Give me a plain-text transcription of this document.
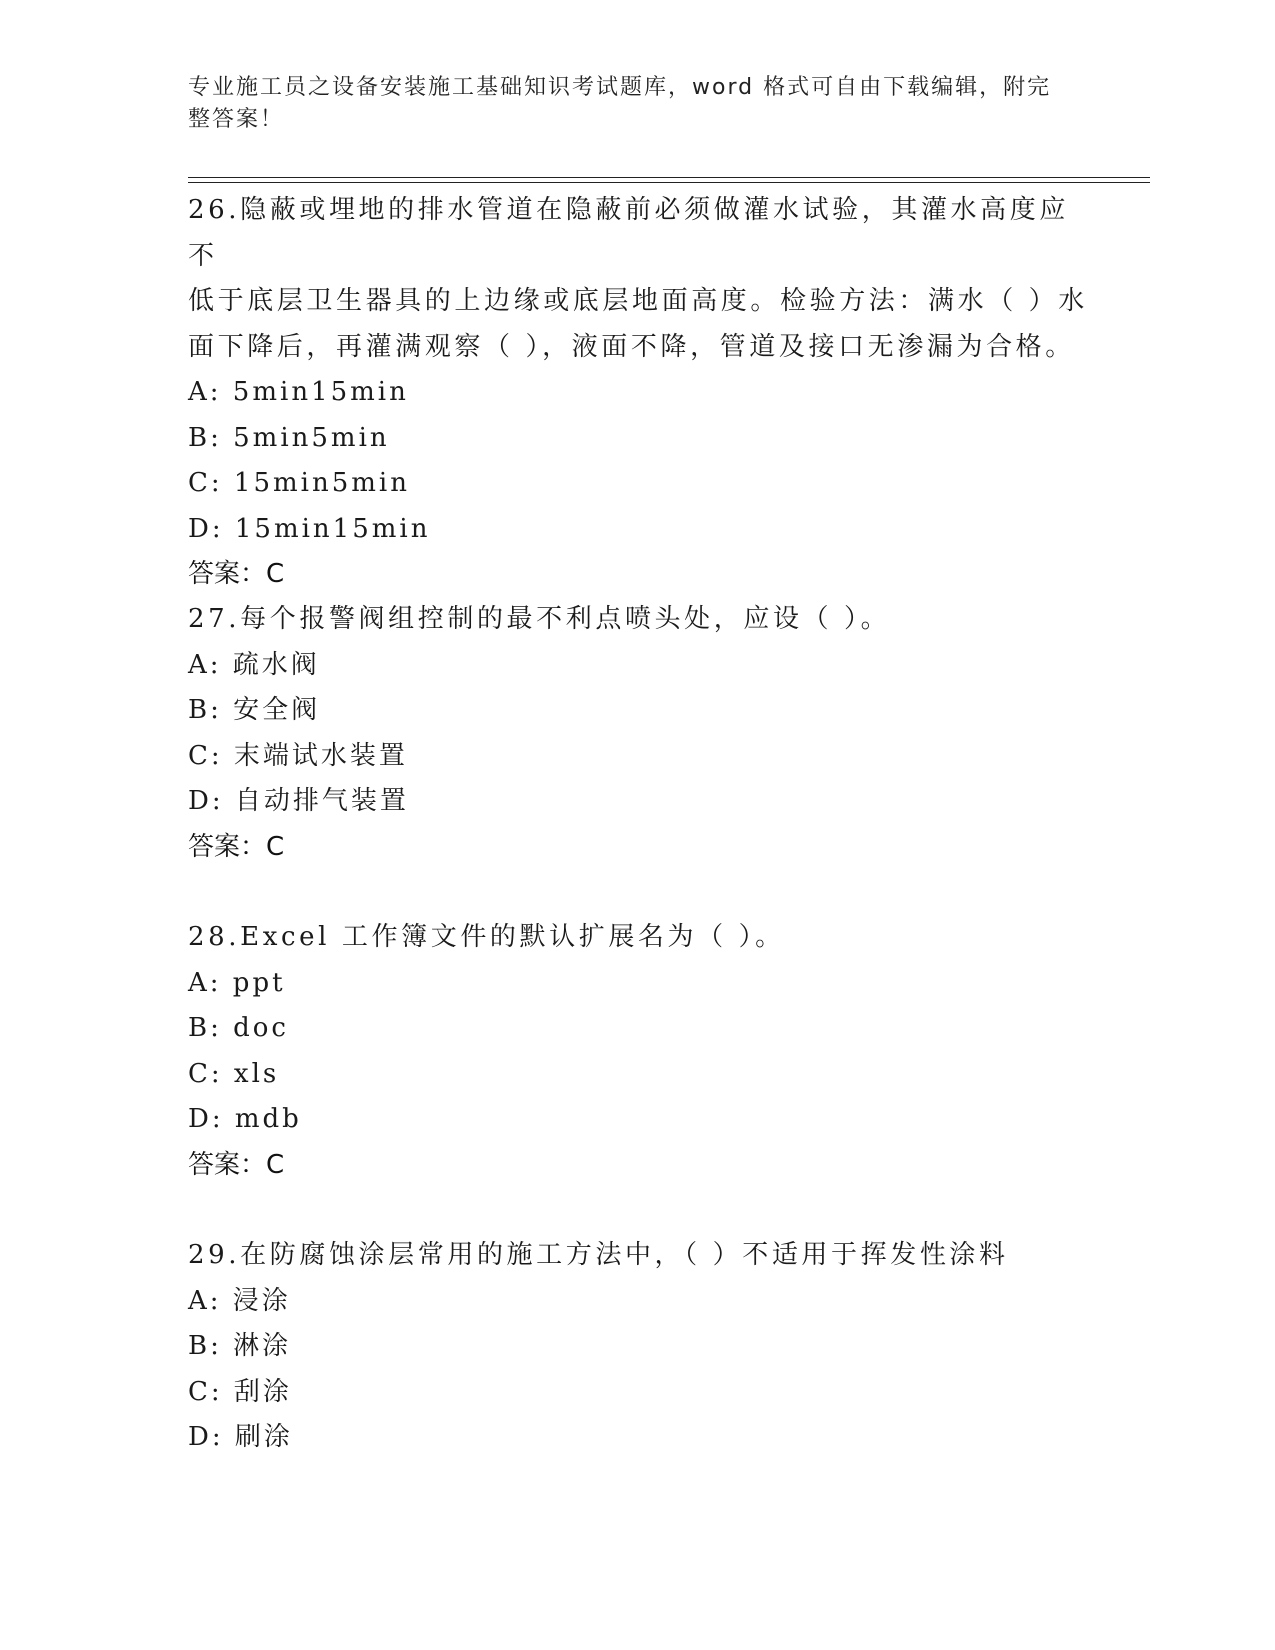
专业施工员之设备安装施工基础知识考试题库，word 格式可自由下载编辑，附完
整答案！

26.隐蔽或埋地的排水管道在隐蔽前必须做灌水试验，其灌水高度应不

低于底层卫生器具的上边缘或底层地面高度。检验方法：满水（ ）水

面下降后，再灌满观察（ ），液面不降，管道及接口无渗漏为合格。

A: 5min15min

B: 5min5min

C: 15min5min

D: 15min15min

答案：C

27.每个报警阀组控制的最不利点喷头处，应设（ ）。

A: 疏水阀

B: 安全阀

C: 末端试水装置

D: 自动排气装置

答案：C

28.Excel 工作簿文件的默认扩展名为（ ）。

A: ppt

B: doc

C: xls

D: mdb

答案：C

29.在防腐蚀涂层常用的施工方法中，（ ）不适用于挥发性涂料

A: 浸涂

B: 淋涂

C: 刮涂

D: 刷涂
